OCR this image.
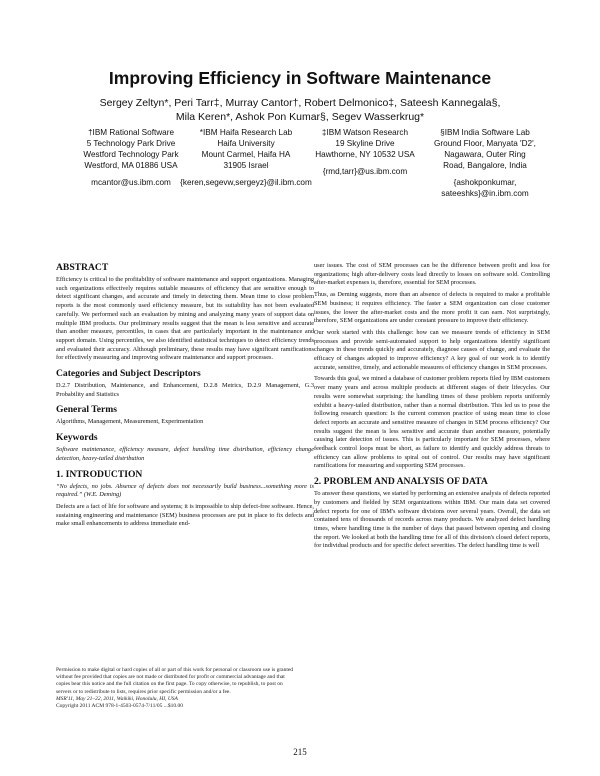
Improving Efficiency in Software Maintenance
Sergey Zeltyn*, Peri Tarr‡, Murray Cantor†, Robert Delmonico‡, Sateesh Kannegala§,
Mila Keren*, Ashok Pon Kumar§, Segev Wasserkrug*
†IBM Rational Software
5 Technology Park Drive
Westford Technology Park
Westford, MA 01886 USA
mcantor@us.ibm.com
*IBM Haifa Research Lab
Haifa University
Mount Carmel, Haifa HA
31905 Israel
{keren,segevw,sergeyz}@il.ibm.com
‡IBM Watson Research
19 Skyline Drive
Hawthorne, NY 10532 USA
{rmd,tarr}@us.ibm.com
§IBM India Software Lab
Ground Floor, Manyata 'D2',
Nagawara, Outer Ring
Road, Bangalore, India
{ashokponkumar, sateeshks}@in.ibm.com
ABSTRACT

Efficiency is critical to the profitability of software maintenance and support organizations. Managing such organizations effectively requires suitable measures of efficiency that are sensitive enough to detect significant changes, and accurate and timely in detecting them. Mean time to close problem reports is the most commonly used efficiency measure, but its suitability has not been evaluated carefully. We performed such an evaluation by mining and analyzing many years of support data on multiple IBM products. Our preliminary results suggest that the mean is less sensitive and accurate than another measure, percentiles, in cases that are particularly important in the maintenance and support domain. Using percentiles, we also identified statistical techniques to detect efficiency trends and evaluated their accuracy. Although preliminary, these results may have significant ramifications for effectively measuring and improving software maintenance and support processes.

Categories and Subject Descriptors

D.2.7 Distribution, Maintenance, and Enhancement, D.2.8 Metrics, D.2.9 Management, G.3 Probability and Statistics

General Terms

Algorithms, Management, Measurement, Experimentation

Keywords

Software maintenance, efficiency measure, defect handling time distribution, efficiency change detection, heavy-tailed distribution

1. INTRODUCTION

“No defects, no jobs. Absence of defects does not necessarily build business...something more is required.” (W.E. Deming)

Defects are a fact of life for software and systems; it is impossible to ship defect-free software. Hence, sustaining engineering and maintenance (SEM) business processes are put in place to fix defects and make small enhancements to address immediate end-

user issues. The cost of SEM processes can be the difference between profit and loss for organizations; high after-delivery costs lead directly to losses on software sold. Controlling after-market expenses is, therefore, essential for SEM processes.

Thus, as Deming suggests, more than an absence of defects is required to make a profitable SEM business; it requires efficiency. The faster a SEM organization can close customer issues, the lower the after-market costs and the more profit it can earn. Not surprisingly, therefore, SEM organizations are under constant pressure to improve their efficiency.

Our work started with this challenge: how can we measure trends of efficiency in SEM processes and provide semi-automated support to help organizations identify significant changes in these trends quickly and accurately, diagnose causes of change, and evaluate the efficacy of changes adopted to improve efficiency? A key goal of our work is to identify accurate, sensitive, timely, and actionable measures of efficiency changes in SEM processes.

Towards this goal, we mined a database of customer problem reports filed by IBM customers over many years and across multiple products at different stages of their lifecycles. Our results were somewhat surprising: the handling times of these problem reports uniformly exhibit a heavy-tailed distribution, rather than a normal distribution. This led us to pose the following research question: Is the current common practice of using mean time to close defect reports an accurate and sensitive measure of changes in SEM process efficiency? Our results suggest the mean is less sensitive and accurate than another measure, potentially causing later detection of issues. This is particularly important for SEM processes, where feedback control loops must be short, as failure to identify and quickly address threats to efficiency can allow problems to spiral out of control. Our results may have significant ramifications for measuring and supporting SEM processes.

2. PROBLEM AND ANALYSIS OF DATA

To answer these questions, we started by performing an extensive analysis of defects reported by customers and fielded by SEM organizations within IBM. Our main data set covered defect reports for one of IBM's software divisions over several years. Overall, the data set contained tens of thousands of records across many products. We analyzed defect handling times, where handling time is the number of days that passed between opening and closing the report. We looked at both the handling time for all of this division's closed defect reports, for individual products and for specific defect severities. The defect handling time is well

Permission to make digital or hard copies of all or part of this work for personal or classroom use is granted without fee provided that copies are not made or distributed for profit or commercial advantage and that copies bear this notice and the full citation on the first page. To copy otherwise, to republish, to post on servers or to redistribute to lists, requires prior specific permission and/or a fee.
MSR'11, May 21–22, 2011, Waikiki, Honolulu, HI, USA
Copyright 2011 ACM 978-1-4503-0574-7/11/05 ...$10.00
215
